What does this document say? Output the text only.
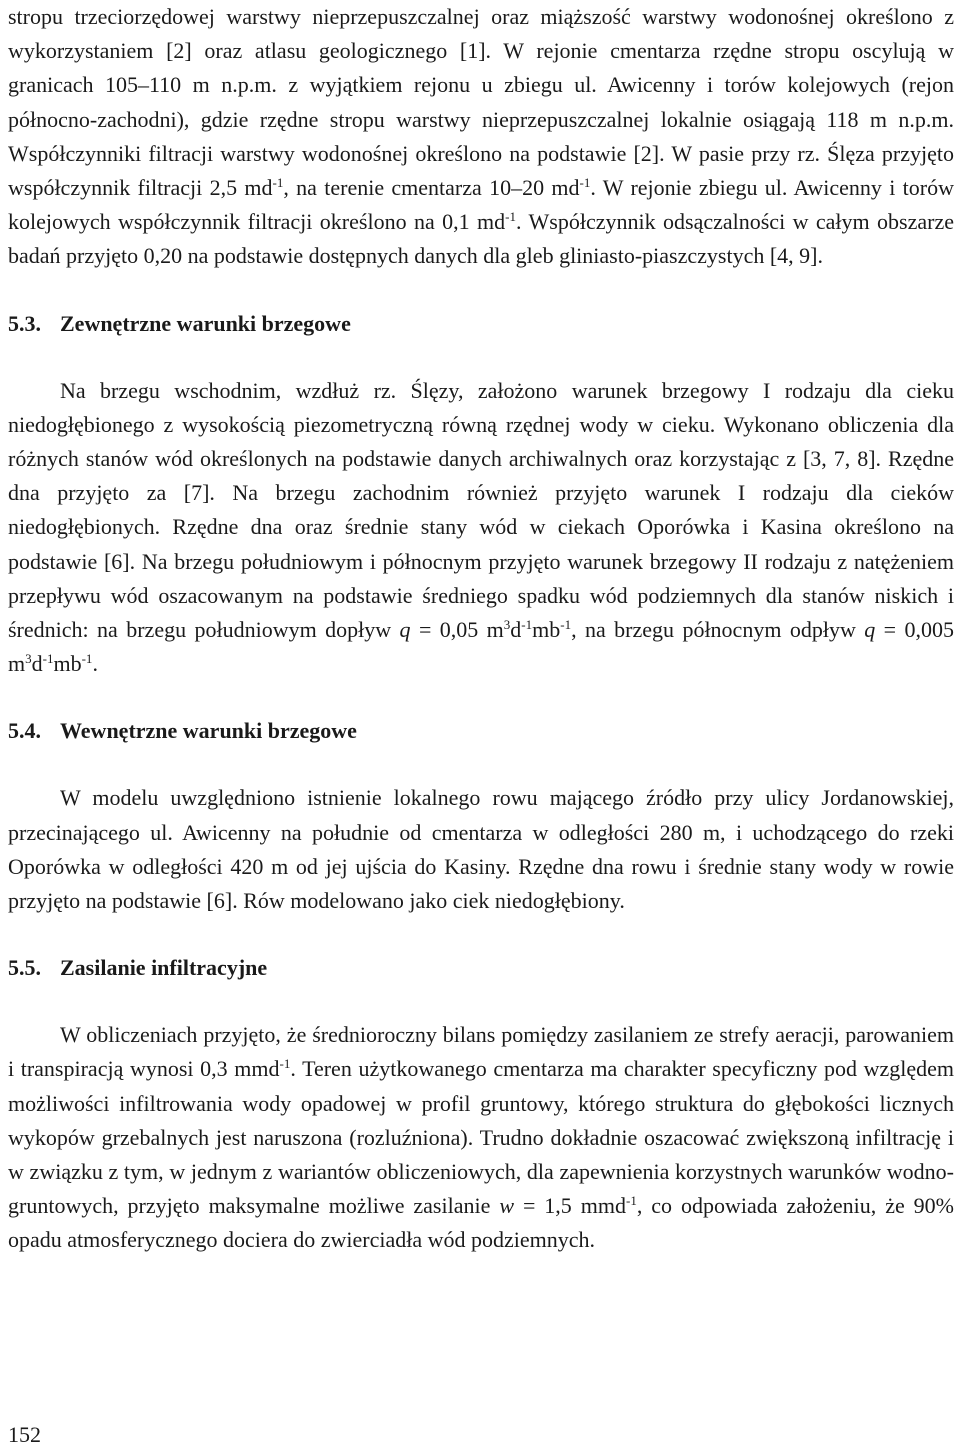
stropu trzeciorzędowej warstwy nieprzepuszczalnej oraz miąższość warstwy wodonośnej określono z wykorzystaniem [2] oraz atlasu geologicznego [1]. W rejonie cmentarza rzędne stropu oscylują w granicach 105–110 m n.p.m. z wyjątkiem rejonu u zbiegu ul. Awicenny i torów kolejowych (rejon północno-zachodni), gdzie rzędne stropu warstwy nieprzepuszczalnej lokalnie osiągają 118 m n.p.m. Współczynniki filtracji warstwy wodonośnej określono na podstawie [2]. W pasie przy rz. Ślęza przyjęto współczynnik filtracji 2,5 $md^{-1}$, na terenie cmentarza 10–20 $md^{-1}$. W rejonie zbiegu ul. Awicenny i torów kolejowych współczynnik filtracji określono na 0,1 $md^{-1}$. Współczynnik odsączalności w całym obszarze badań przyjęto 0,20 na podstawie dostępnych danych dla gleb gliniasto-piaszczystych [4, 9].

5.3. Zewnętrzne warunki brzegowe

Na brzegu wschodnim, wzdłuż rz. Ślęzy, założono warunek brzegowy I rodzaju dla cieku niedogłębionego z wysokością piezometryczną równą rzędnej wody w cieku. Wykonano obliczenia dla różnych stanów wód określonych na podstawie danych archiwalnych oraz korzystając z [3, 7, 8]. Rzędne dna przyjęto za [7]. Na brzegu zachodnim również przyjęto warunek I rodzaju dla cieków niedogłębionych. Rzędne dna oraz średnie stany wód w ciekach Oporówka i Kasina określono na podstawie [6]. Na brzegu południowym i północnym przyjęto warunek brzegowy II rodzaju z natężeniem przepływu wód oszacowanym na podstawie średniego spadku wód podziemnych dla stanów niskich i średnich: na brzegu południowym dopływ q = 0,05 $m^3d^{-1}mb^{-1}$, na brzegu północnym odpływ q = 0,005 $m^3d^{-1}mb^{-1}$.

5.4. Wewnętrzne warunki brzegowe

W modelu uwzględniono istnienie lokalnego rowu mającego źródło przy ulicy Jordanowskiej, przecinającego ul. Awicenny na południe od cmentarza w odległości 280 m, i uchodzącego do rzeki Oporówka w odległości 420 m od jej ujścia do Kasiny. Rzędne dna rowu i średnie stany wody w rowie przyjęto na podstawie [6]. Rów modelowano jako ciek niedogłębiony.

5.5. Zasilanie infiltracyjne

W obliczeniach przyjęto, że średnioroczny bilans pomiędzy zasilaniem ze strefy aeracji, parowaniem i transpiracją wynosi 0,3 mmd$^{-1}$. Teren użytkowanego cmentarza ma charakter specyficzny pod względem możliwości infiltrowania wody opadowej w profil gruntowy, którego struktura do głębokości licznych wykopów grzebalnych jest naruszona (rozluźniona). Trudno dokładnie oszacować zwiększoną infiltrację i w związku z tym, w jednym z wariantów obliczeniowych, dla zapewnienia korzystnych warunków wodno-gruntowych, przyjęto maksymalne możliwe zasilanie w = 1,5 mmd$^{-1}$, co odpowiada założeniu, że 90% opadu atmosferycznego dociera do zwierciadła wód podziemnych.

152
